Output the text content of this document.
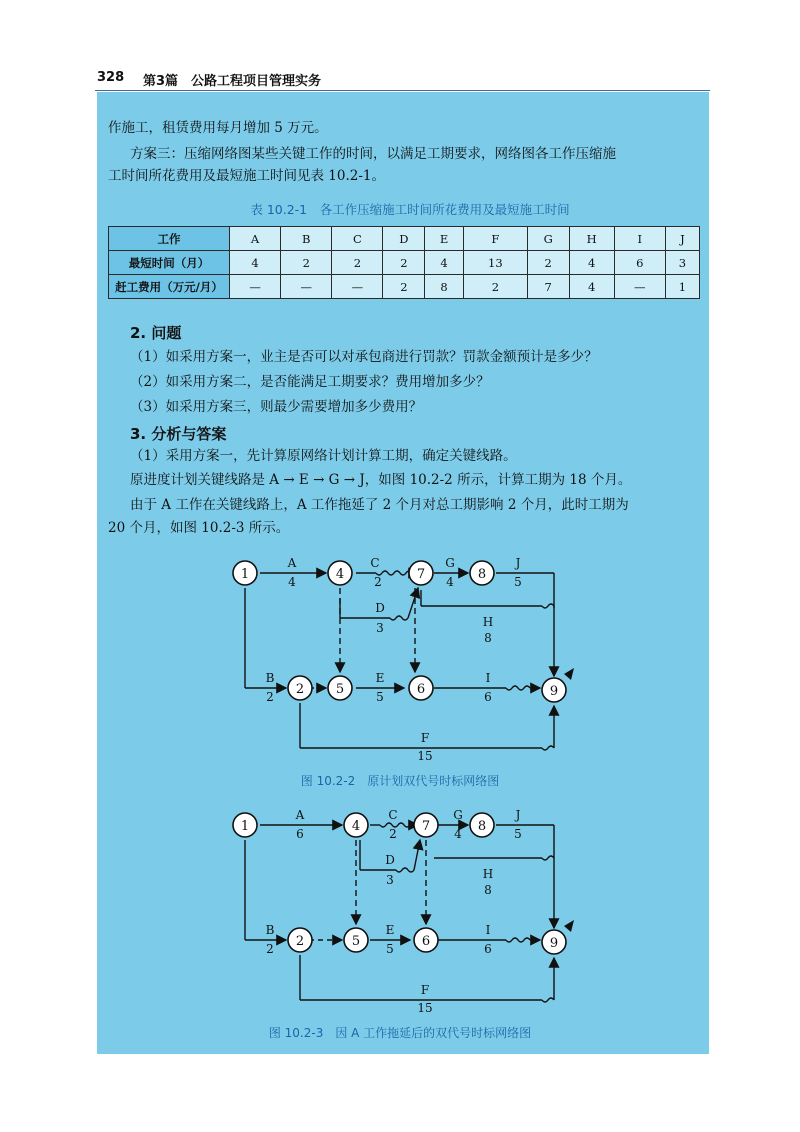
328 第3篇　公路工程项目管理实务
作施工，租赁费用每月增加 5 万元。
方案三：压缩网络图某些关键工作的时间，以满足工期要求，网络图各工作压缩施
工时间所花费用及最短施工时间见表 10.2-1。
表 10.2-1　各工作压缩施工时间所花费用及最短施工时间
工作	A	B	C	D	E	F	G	H	I	J
最短时间（月）	4	2	2	2	4	13	2	4	6	3
赶工费用（万元/月）	—	—	—	2	8	2	7	4	—	1
2. 问题
（1）如采用方案一，业主是否可以对承包商进行罚款？罚款金额预计是多少？
（2）如采用方案二，是否能满足工期要求？费用增加多少？
（3）如采用方案三，则最少需要增加多少费用？
3. 分析与答案
（1）采用方案一，先计算原网络计划计算工期，确定关键线路。
原进度计划关键线路是 A → E → G → J，如图 10.2-2 所示，计算工期为 18 个月。
由于 A 工作在关键线路上，A 工作拖延了 2 个月对总工期影响 2 个月，此时工期为
20 个月，如图 10.2-3 所示。
A
4
B
2
C
2
D
3
E
5
F
15
G
4
H
8
I
6
J
5
1
2
4
5	6
7	8
9
图 10.2-2　原计划双代号时标网络图
A
6
B
2
C
2
D
3
E
5
F
15
G
4
H
8
I
6
J
5
1
2
4
5	6
7	8
9
图 10.2-3　因 A 工作拖延后的双代号时标网络图
